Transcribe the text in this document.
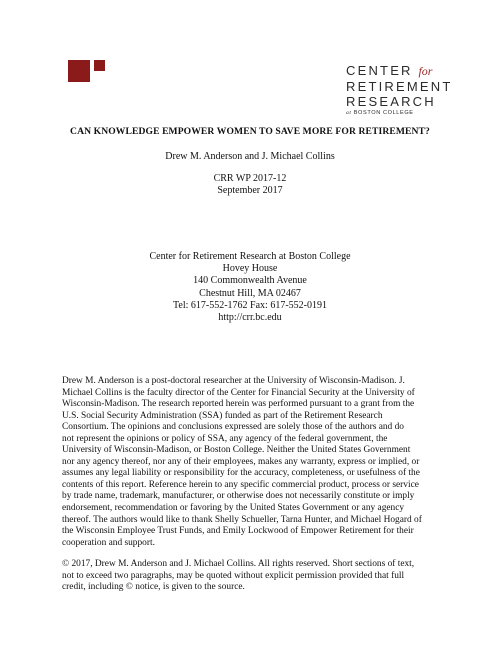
CENTER for
RETIREMENT
RESEARCH
at BOSTON COLLEGE
CAN KNOWLEDGE EMPOWER WOMEN TO SAVE MORE FOR RETIREMENT?
Drew M. Anderson and J. Michael Collins
CRR WP 2017-12
September 2017
Center for Retirement Research at Boston College
Hovey House
140 Commonwealth Avenue
Chestnut Hill, MA 02467
Tel: 617-552-1762 Fax: 617-552-0191
http://crr.bc.edu
Drew M. Anderson is a post-doctoral researcher at the University of Wisconsin-Madison. J.
Michael Collins is the faculty director of the Center for Financial Security at the University of
Wisconsin-Madison. The research reported herein was performed pursuant to a grant from the
U.S. Social Security Administration (SSA) funded as part of the Retirement Research
Consortium. The opinions and conclusions expressed are solely those of the authors and do
not represent the opinions or policy of SSA, any agency of the federal government, the
University of Wisconsin-Madison, or Boston College. Neither the United States Government
nor any agency thereof, nor any of their employees, makes any warranty, express or implied, or
assumes any legal liability or responsibility for the accuracy, completeness, or usefulness of the
contents of this report. Reference herein to any specific commercial product, process or service
by trade name, trademark, manufacturer, or otherwise does not necessarily constitute or imply
endorsement, recommendation or favoring by the United States Government or any agency
thereof. The authors would like to thank Shelly Schueller, Tarna Hunter, and Michael Hogard of
the Wisconsin Employee Trust Funds, and Emily Lockwood of Empower Retirement for their
cooperation and support.
© 2017, Drew M. Anderson and J. Michael Collins. All rights reserved. Short sections of text,
not to exceed two paragraphs, may be quoted without explicit permission provided that full
credit, including © notice, is given to the source.
